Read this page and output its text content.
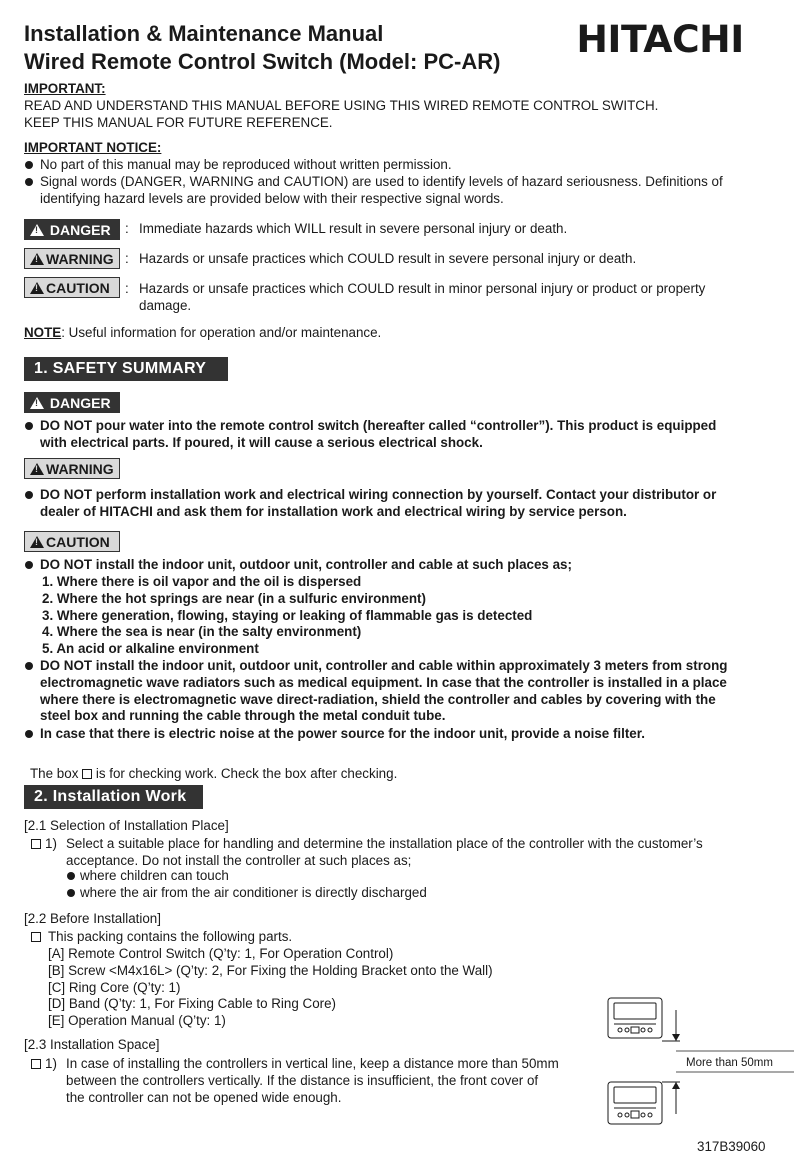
Installation & Maintenance Manual
Wired Remote Control Switch (Model: PC-AR)
HITACHI

IMPORTANT:

READ AND UNDERSTAND THIS MANUAL BEFORE USING THIS WIRED REMOTE CONTROL SWITCH.

KEEP THIS MANUAL FOR FUTURE REFERENCE.

IMPORTANT NOTICE:
No part of this manual may be reproduced without written permission.

Signal words (DANGER, WARNING and CAUTION) are used to identify levels of hazard seriousness. Definitions of

identifying hazard levels are provided below with their respective signal words.

! DANGER	: Immediate hazards which WILL result in severe personal injury or death.
!WARNING : Hazards or unsafe practices which COULD result in severe personal injury or death.
!CAUTION	: Hazards or unsafe practices which COULD result in minor personal injury or product or property

damage.

NOTE: Useful information for operation and/or maintenance.
1. SAFETY SUMMARY
! DANGER

DO NOT pour water into the remote control switch (hereafter called “controller”). This product is equipped

with electrical parts. If poured, it will cause a serious electrical shock.

!WARNING

DO NOT perform installation work and electrical wiring connection by yourself. Contact your distributor or

dealer of HITACHI and ask them for installation work and electrical wiring by service person.

!CAUTION
DO NOT install the indoor unit, outdoor unit, controller and cable at such places as;

1. Where there is oil vapor and the oil is dispersed

2. Where the hot springs are near (in a sulfuric environment)

3. Where generation, flowing, staying or leaking of flammable gas is detected

4. Where the sea is near (in the salty environment)

5. An acid or alkaline environment

DO NOT install the indoor unit, outdoor unit, controller and cable within approximately 3 meters from strong

electromagnetic wave radiators such as medical equipment. In case that the controller is installed in a place

where there is electromagnetic wave direct-radiation, shield the controller and cables by covering with the

steel box and running the cable through the metal conduit tube.

In case that there is electric noise at the power source for the indoor unit, provide a noise filter.
The box is for checking work. Check the box after checking.
2. Installation Work
[2.1 Selection of Installation Place]
1) Select a suitable place for handling and determine the installation place of the controller with the customer’s

acceptance. Do not install the controller at such places as;

where children can touch
where the air from the air conditioner is directly discharged
[2.2 Before Installation]
This packing contains the following parts.

[A] Remote Control Switch (Q’ty: 1, For Operation Control)

[B] Screw <M4x16L> (Q’ty: 2, For Fixing the Holding Bracket onto the Wall)

[C] Ring Core (Q’ty: 1)

[D] Band (Q’ty: 1, For Fixing Cable to Ring Core)

[E] Operation Manual (Q’ty: 1)

[2.3 Installation Space]
1) In case of installing the controllers in vertical line, keep a distance more than 50mm

between the controllers vertically. If the distance is insufficient, the front cover of

the controller can not be opened wide enough.

More than 50mm
317B39060
